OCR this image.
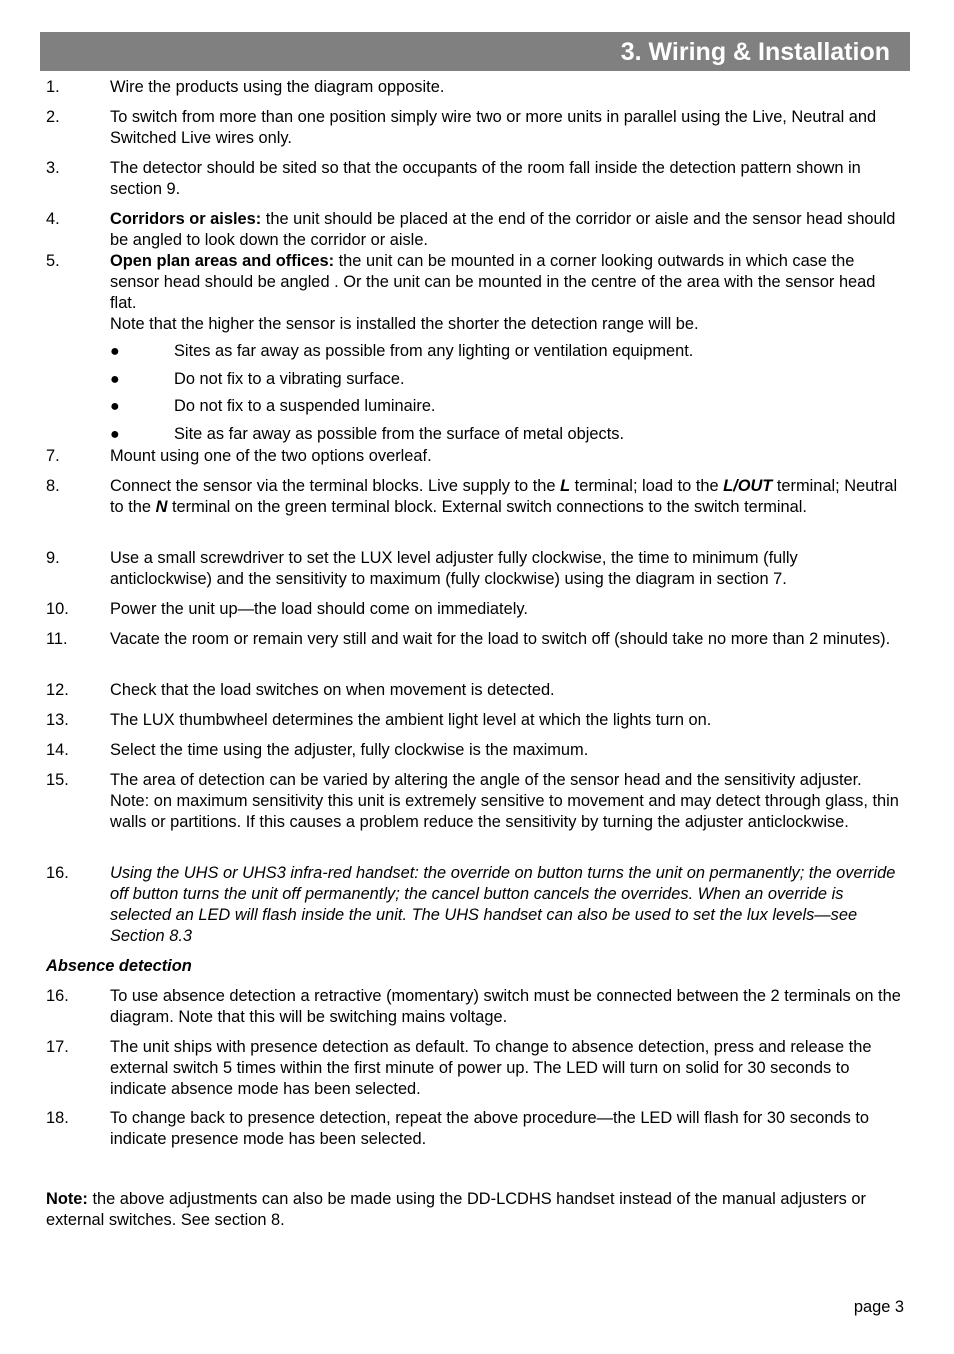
3. Wiring & Installation
1.	Wire the products using the diagram opposite.
2.	To switch from more than one position simply wire two or more units in parallel using the Live, Neutral and Switched Live wires only.
3.	The detector should be sited so that the occupants of the room fall inside the detection pattern shown in section 9.
4.	Corridors or aisles: the unit should be placed at the end of the corridor or aisle and the sensor head should be angled to look down the corridor or aisle.
5.	Open plan areas and offices: the unit can be mounted in a corner looking outwards in which case the sensor head should be angled . Or the unit can be mounted in the centre of the area with the sensor head flat.
Note that the higher the sensor is installed the shorter the detection range will be.
●	Sites as far away as possible from any lighting or ventilation equipment.
●	Do not fix to a vibrating surface.
●	Do not fix to a suspended luminaire.
●	Site as far away as possible from the surface of metal objects.
7.	Mount using one of the two options overleaf.
8.	Connect the sensor via the terminal blocks. Live supply to the L terminal; load to the L/OUT terminal; Neutral to the N terminal on the green terminal block. External switch connections to the switch terminal.
9.	Use a small screwdriver to set the LUX level adjuster fully clockwise, the time to minimum (fully anticlockwise) and the sensitivity to maximum (fully clockwise) using the diagram in section 7.
10.	Power the unit up—the load should come on immediately.
11.	Vacate the room or remain very still and wait for the load to switch off (should take no more than 2 minutes).
12.	Check that the load switches on when movement is detected.
13.	The LUX thumbwheel determines the ambient light level at which the lights turn on.
14.	Select the time using the adjuster, fully clockwise is the maximum.
15.	The area of detection can be varied by altering the angle of the sensor head and the sensitivity adjuster. Note: on maximum sensitivity this unit is extremely sensitive to movement and may detect through glass, thin walls or partitions. If this causes a problem reduce the sensitivity by turning the adjuster anticlockwise.
16.	Using the UHS or UHS3 infra-red handset: the override on button turns the unit on permanently; the override off button turns the unit off permanently; the cancel button cancels the overrides. When an override is selected an LED will flash inside the unit. The UHS handset can also be used to set the lux levels—see Section 8.3
Absence detection
16.	To use absence detection a retractive (momentary) switch must be connected between the 2 terminals on the diagram. Note that this will be switching mains voltage.
17.	The unit ships with presence detection as default. To change to absence detection, press and release the external switch 5 times within the first minute of power up. The LED will turn on solid for 30 seconds to indicate absence mode has been selected.
18.	To change back to presence detection, repeat the above procedure—the LED will flash for 30 seconds to indicate presence mode has been selected.
Note: the above adjustments can also be made using the DD-LCDHS handset instead of the manual adjusters or external switches. See section 8.
page 3
